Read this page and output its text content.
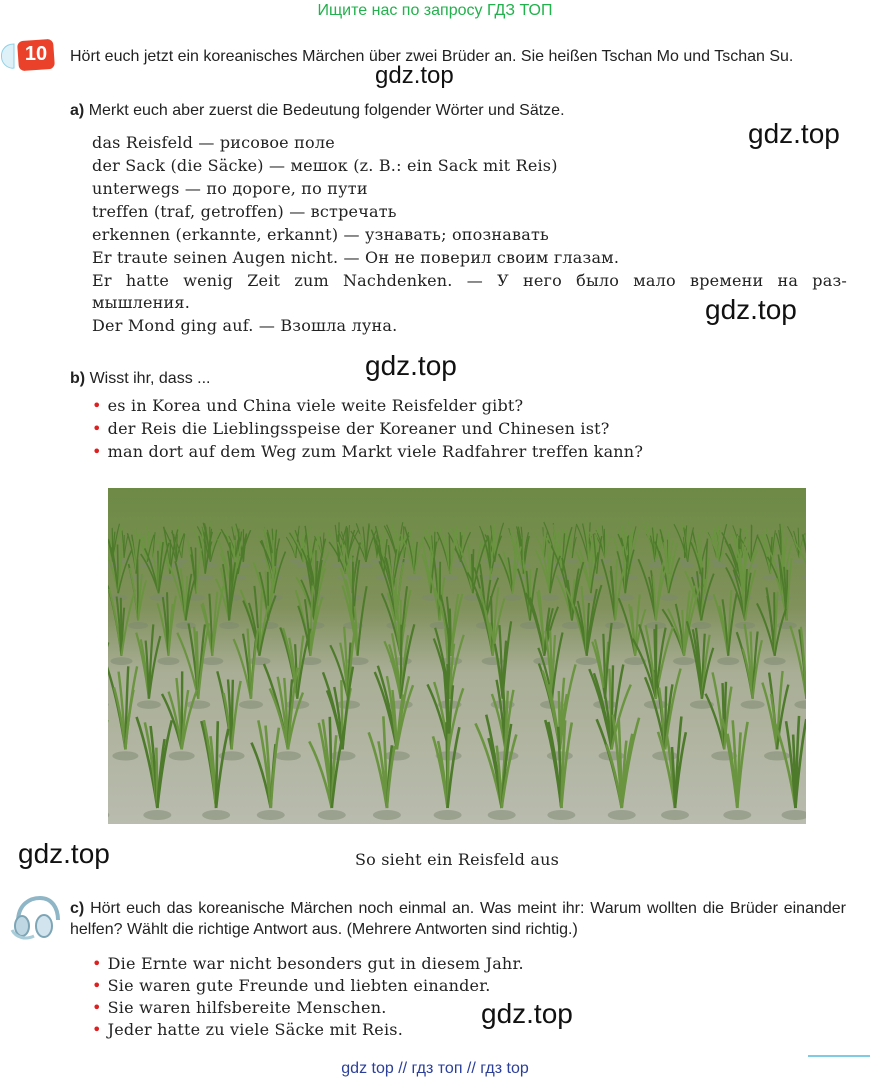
Ищите нас по запросу ГДЗ ТОП
10	Hört euch jetzt ein koreanisches Märchen über zwei Brüder an. Sie heißen Tschan Mo und Tschan Su.
a) Merkt euch aber zuerst die Bedeutung folgender Wörter und Sätze.
das Reisfeld — рисовое поле
der Sack (die Säcke) — мешок (z. B.: ein Sack mit Reis)
unterwegs — по дороге, по пути
treffen (traf, getroffen) — встречать
erkennen (erkannte, erkannt) — узнавать; опознавать
Er traute seinen Augen nicht. — Он не поверил своим глазам.
Er hatte wenig Zeit zum Nachdenken. — У него было мало времени на раз-
мышления.
Der Mond ging auf. — Взошла луна.
b) Wisst ihr, dass ...
• es in Korea und China viele weite Reisfelder gibt?
• der Reis die Lieblingsspeise der Koreaner und Chinesen ist?
• man dort auf dem Weg zum Markt viele Radfahrer treffen kann?
So sieht ein Reisfeld aus
c) Hört euch das koreanische Märchen noch einmal an. Was meint ihr: Warum wollten die Brüder einander helfen? Wählt die richtige Antwort aus. (Mehrere Antworten sind richtig.)
• Die Ernte war nicht besonders gut in diesem Jahr.
• Sie waren gute Freunde und liebten einander.
• Sie waren hilfsbereite Menschen.
• Jeder hatte zu viele Säcke mit Reis.
gdz.top
gdz.top
gdz.top
gdz.top
gdz.top
gdz.top
gdz top // гдз топ // гдз top
